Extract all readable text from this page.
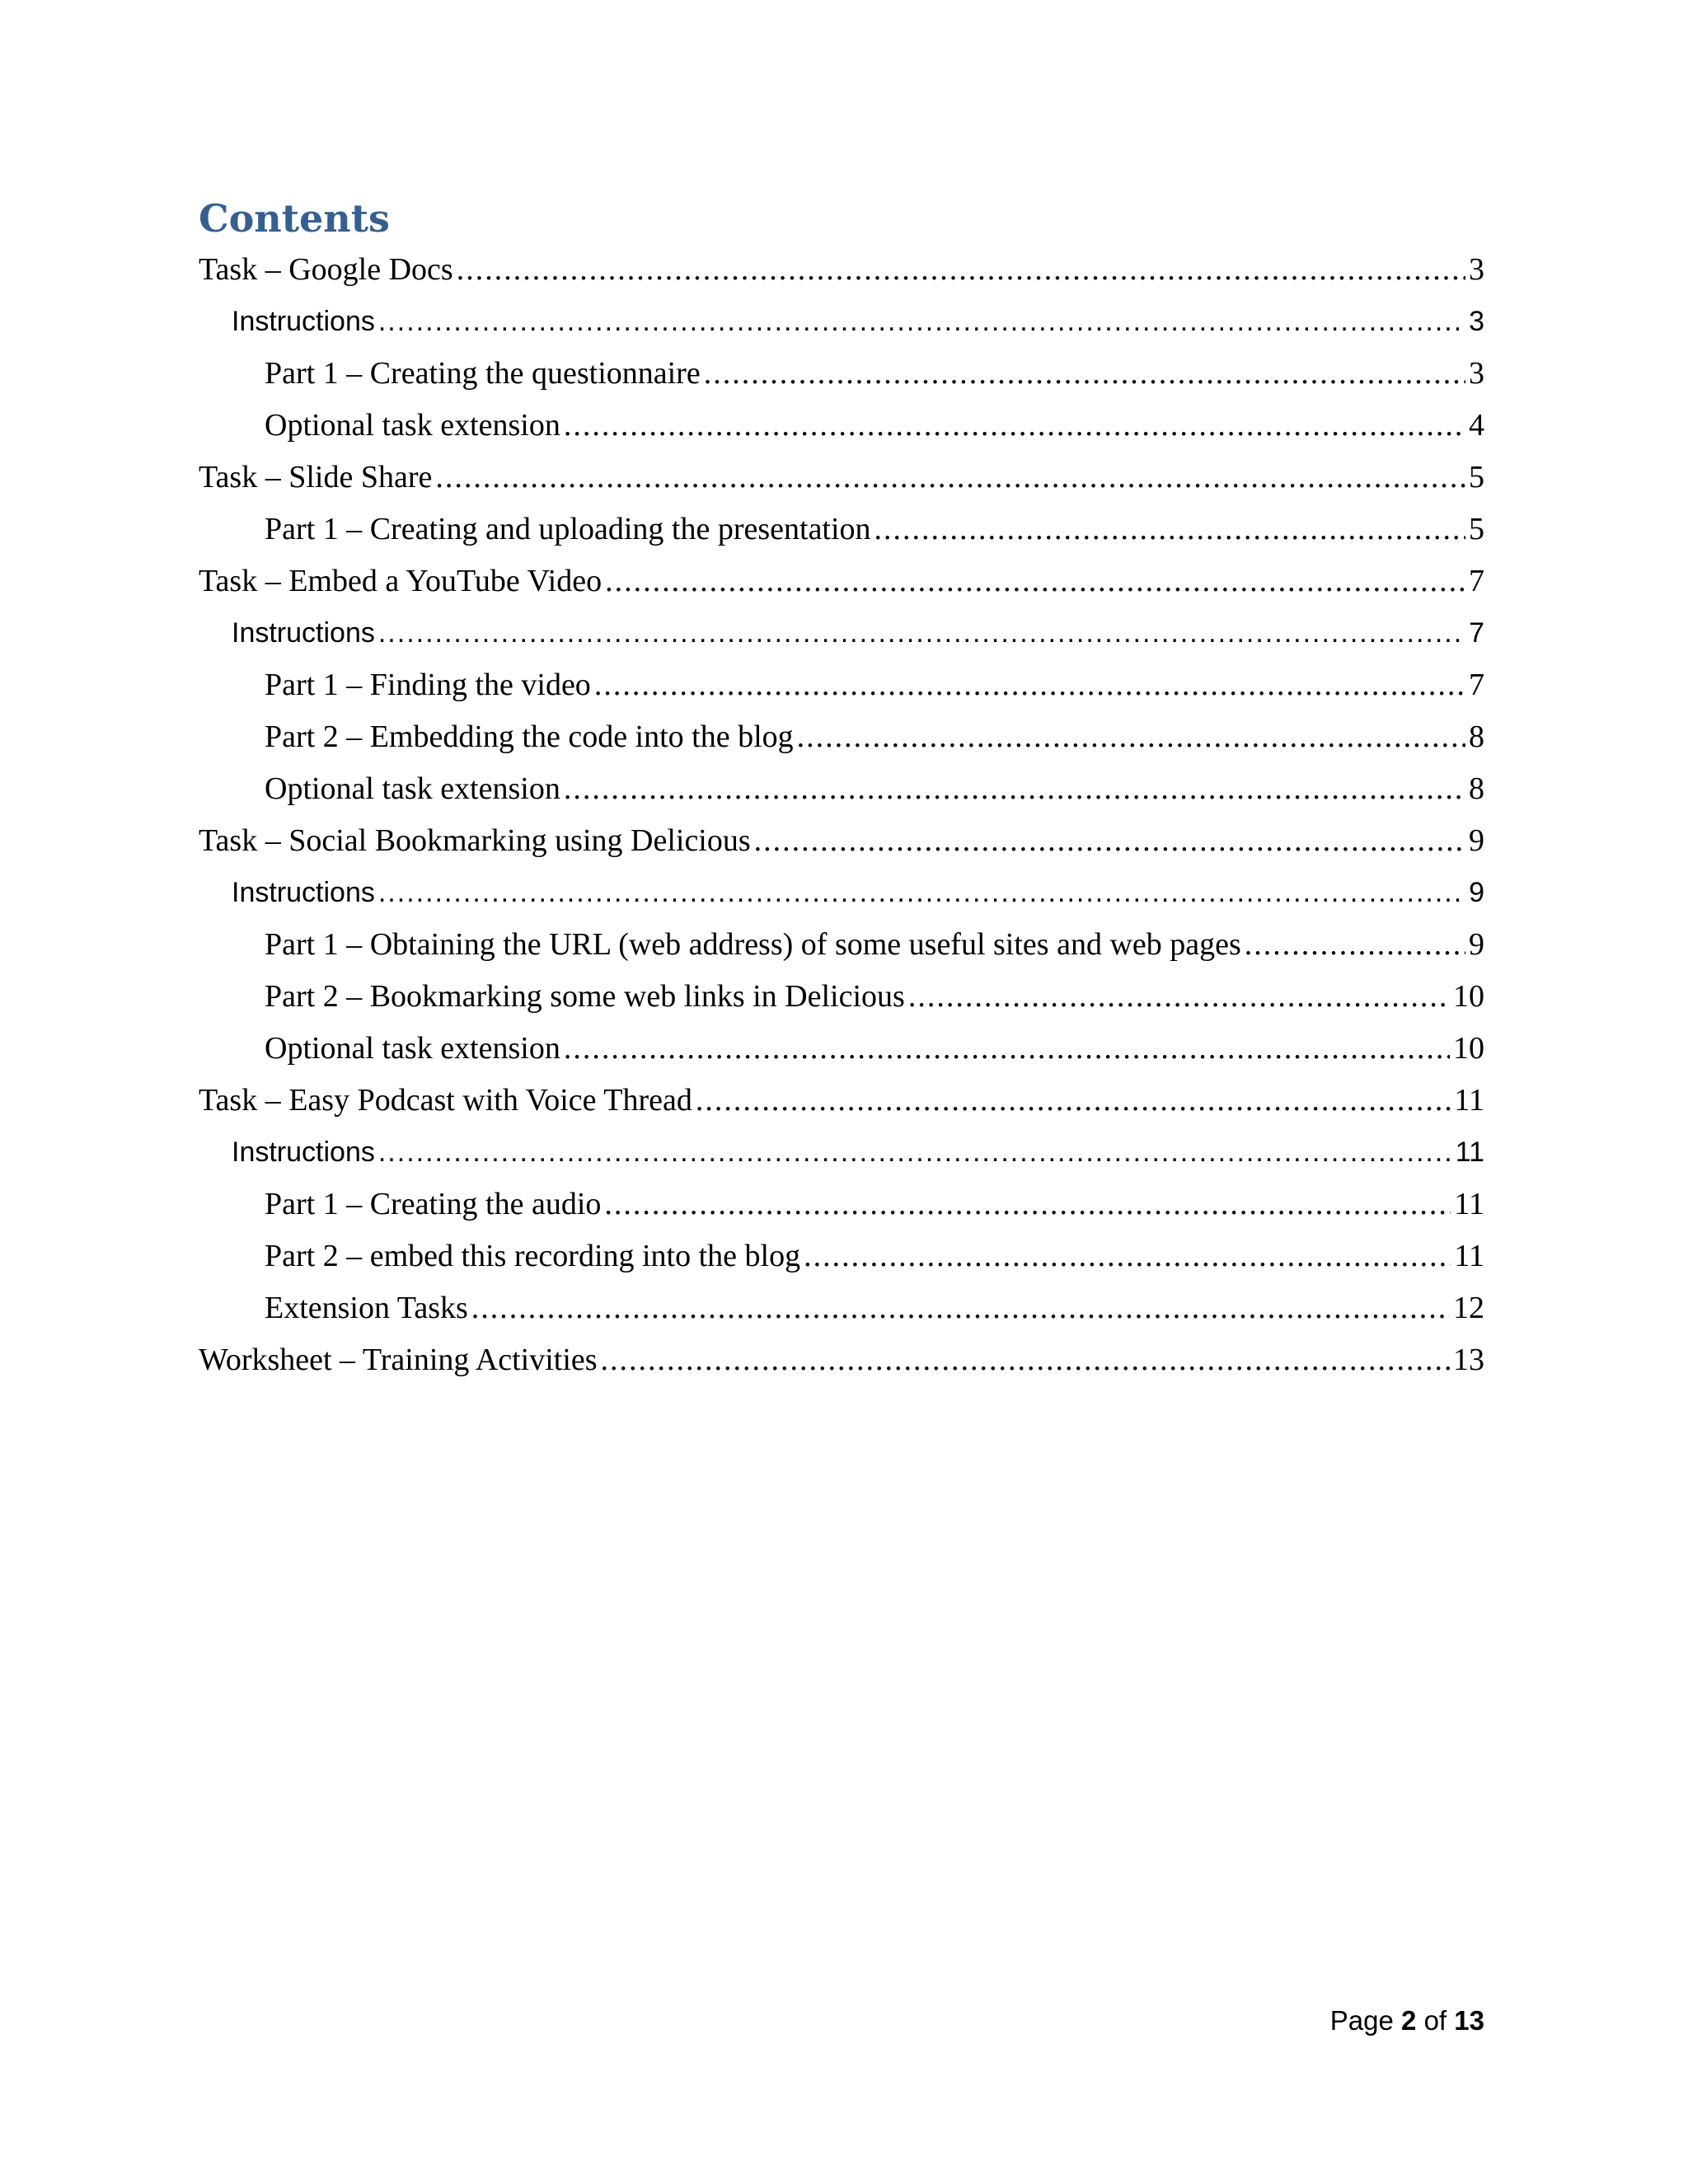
Contents
Task – Google Docs .....	3
Instructions .....	3
Part 1 – Creating the questionnaire .....	3
Optional task extension .....	4
Task – Slide Share .....	5
Part 1 – Creating and uploading the presentation .....	5
Task – Embed a YouTube Video .....	7
Instructions .....	7
Part 1 – Finding the video .....	7
Part 2 – Embedding the code into the blog .....	8
Optional task extension .....	8
Task – Social Bookmarking using Delicious .....	9
Instructions .....	9
Part 1 – Obtaining the URL (web address) of some useful sites and web pages .....	9
Part 2 – Bookmarking some web links in Delicious .....	10
Optional task extension .....	10
Task – Easy Podcast with Voice Thread .....	11
Instructions .....	11
Part 1 – Creating the audio .....	11
Part 2 – embed this recording into the blog .....	11
Extension Tasks .....	12
Worksheet – Training Activities .....	13
Page 2 of 13
